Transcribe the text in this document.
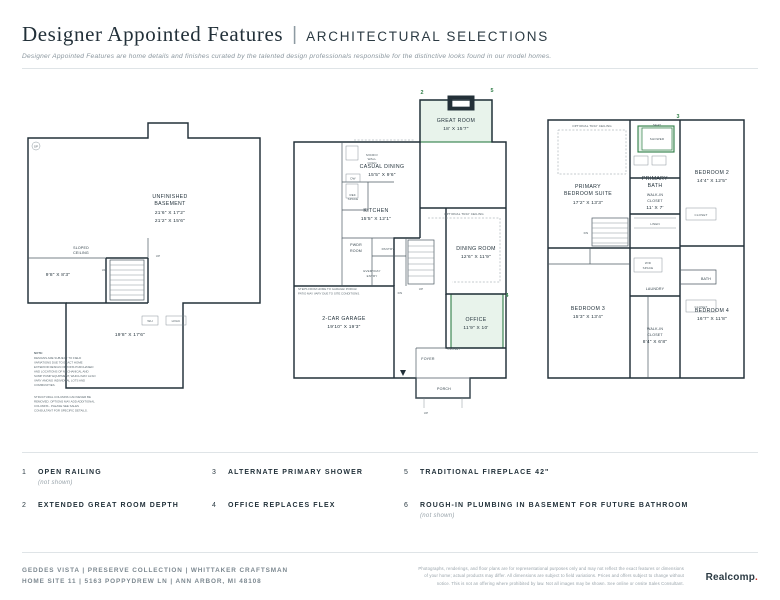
Designer Appointed Features | ARCHITECTURAL SELECTIONS
Designer Appointed Features are home details and finishes curated by the talented design professionals responsible for the distinctive looks found in our model homes.
SP
WH	HVAC
UNFINISHED
BASEMENT
21'6" X 17'2"
21'2" X 15'6"
SLOPED
CEILING
9'8" X 8'3"
19'8" X 17'6"
UP
UP
NOTE:
DESIGNS ARE SUBJECT TO FIELD
VARIATIONS DUE TO EXACT HOME
EXTERIOR DESIGN OPTIONS PURCHASED
AND LOCATIONS OF MECHANICAL AND
SUMP PUMP EQUIPMENT, WHICH MAY ALSO
VARY AMONG INDIVIDUAL LOTS AND
COMMUNITIES.
STRUCTURAL COLUMNS CAN NEVER BE
REMOVED. OPTIONS MAY ADD ADDITIONAL
COLUMNS - PLEASE SEE SALES
CONSULTANT FOR SPECIFIC DETAILS.
MICRO/
WALL
OVEN
DW
REF.
SPACE
UP
DN
PORCH
UP
GREAT ROOM
18' X 15'7"
CASUAL DINING
15'5" X 9'6"
KITCHEN
15'5" X 12'1"
OPTIONAL TRAY CEILING
DINING ROOM
12'6" X 11'9"
OFFICE
11'9" X 10'
PWDR
ROOM	PANTRY
EVERYDAY
ENTRY
FOYER
CLOSET
2-CAR GARAGE
19'10" X 19'3"
STEPS FROM HOME TO GARAGE/ PORCH/
PATIO MAY VARY DUE TO SITE CONDITIONS.
2	5
4
SEAT
SHOWER
LINEN
DN
W/D
SPACE
CLOSET
CLOSET
BATH
OPTIONAL TRAY CEILING
PRIMARY
BEDROOM SUITE
17'2" X 13'3"
PRIMARY
BATH
BEDROOM 2
14'4" X 12'5"
BEDROOM 3
15'3" X 13'4"
BEDROOM 4
16'7" X 11'8"
WALK-IN
CLOSET
11' X 7'
LAUNDRY
WALK-IN
CLOSET
8'4" X 6'8"
3
1	OPEN RAILING
(not shown)
3	ALTERNATE PRIMARY SHOWER	5	TRADITIONAL FIREPLACE 42"
2	EXTENDED GREAT ROOM DEPTH	4	OFFICE REPLACES FLEX	6	ROUGH-IN PLUMBING IN BASEMENT FOR FUTURE BATHROOM
(not shown)
GEDDES VISTA | PRESERVE COLLECTION | WHITTAKER CRAFTSMAN
HOME SITE 11 | 5163 POPPYDREW LN | ANN ARBOR, MI 48108
Photographs, renderings, and floor plans are for representational purposes only and may not reflect the exact features or dimensions of your home; actual products may differ. All dimensions are subject to field variations. Prices and offers subject to change without notice. This is not an offering where prohibited by law. Not all images may be shown. See online or onsite Sales Consultant.
Realcomp.
